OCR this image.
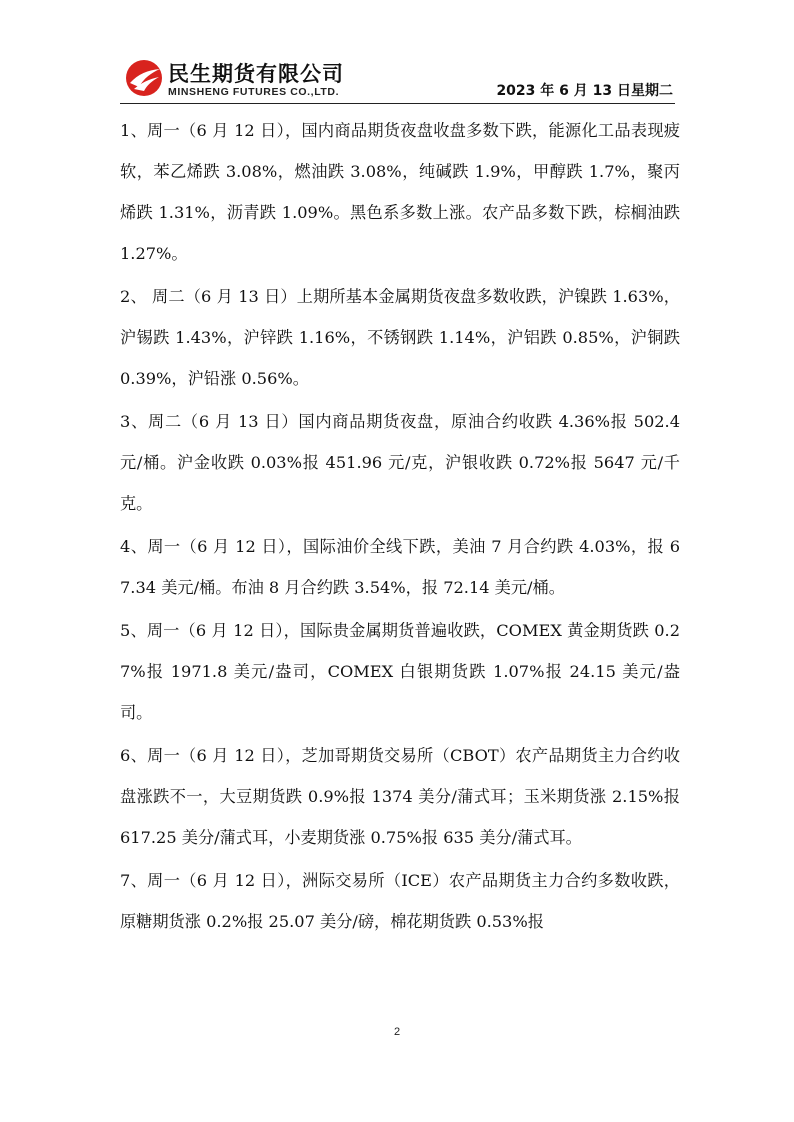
民生期货有限公司
MINSHENG FUTURES CO.,LTD.	2023 年 6 月 13 日星期二

1、周一（6 月 12 日），国内商品期货夜盘收盘多数下跌，能源化工品表现疲软，苯乙烯跌 3.08%，燃油跌 3.08%，纯碱跌 1.9%，甲醇跌 1.7%，聚丙烯跌 1.31%，沥青跌 1.09%。黑色系多数上涨。农产品多数下跌，棕榈油跌 1.27%。

2、 周二（6 月 13 日）上期所基本金属期货夜盘多数收跌，沪镍跌 1.63%，沪锡跌 1.43%，沪锌跌 1.16%，不锈钢跌 1.14%，沪铝跌 0.85%，沪铜跌 0.39%，沪铅涨 0.56%。

3、周二（6 月 13 日）国内商品期货夜盘，原油合约收跌 4.36%报 502.4 元/桶。沪金收跌 0.03%报 451.96 元/克，沪银收跌 0.72%报 5647 元/千克。

4、周一（6 月 12 日），国际油价全线下跌，美油 7 月合约跌 4.03%，报 67.34 美元/桶。布油 8 月合约跌 3.54%，报 72.14 美元/桶。

5、周一（6 月 12 日），国际贵金属期货普遍收跌，COMEX 黄金期货跌 0.27%报 1971.8 美元/盎司，COMEX 白银期货跌 1.07%报 24.15 美元/盎司。

6、周一（6 月 12 日），芝加哥期货交易所（CBOT）农产品期货主力合约收盘涨跌不一，大豆期货跌 0.9%报 1374 美分/蒲式耳；玉米期货涨 2.15%报 617.25 美分/蒲式耳，小麦期货涨 0.75%报 635 美分/蒲式耳。

7、周一（6 月 12 日），洲际交易所（ICE）农产品期货主力合约多数收跌，原糖期货涨 0.2%报 25.07 美分/磅，棉花期货跌 0.53%报

2
